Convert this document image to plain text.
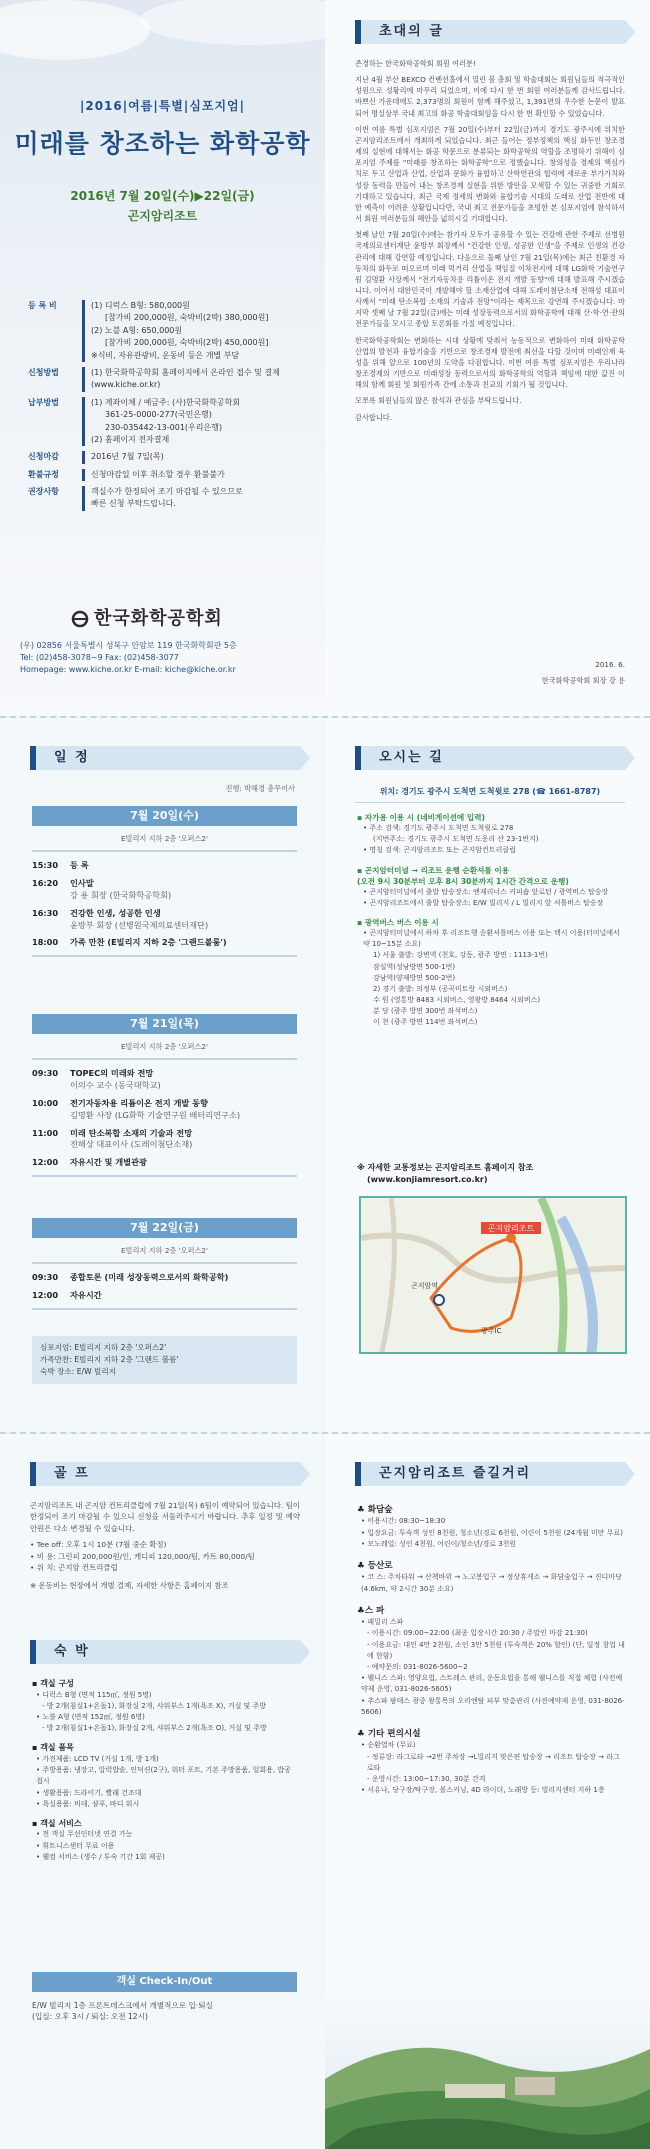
|2016|여름|특별|심포지엄|
미래를 창조하는 화학공학
2016년 7월 20일(수)▶22일(금)
곤지암리조트
등 록 비	(1) 디럭스 B형: 580,000원
[참가비 200,000원, 숙박비(2박) 380,000원]
(2) 노블 A형: 650,000원
[참가비 200,000원, 숙박비(2박) 450,000원]
※식비, 자유관광비, 운동비 등은 개별 부담
신청방법	(1) 한국화학공학회 홈페이지에서 온라인 접수 및 결제
(www.kiche.or.kr)
납부방법	(1) 계좌이체 / 예금주: (사)한국화학공학회
361-25-0000-277(국민은행)
230-035442-13-001(우리은행)
(2) 홈페이지 전자결제
신청마감	2016년 7월 7일(목)
환불규정	신청마감일 이후 취소할 경우 환불불가
권장사항	객실수가 한정되어 조기 마감될 수 있으므로
빠른 신청 부탁드립니다.
한국화학공학회
(우) 02856 서울특별시 성북구 안암로 119 한국화학회관 5층
Tel: (02)458-3078~9 Fax: (02)458-3077
Homepage: www.kiche.or.kr E-mail: kiche@kiche.or.kr
초대의 글

존경하는 한국화학공학회 회원 여러분!

지난 4월 부산 BEXCO 컨벤션홀에서 열린 봄 총회 및 학술대회는 회원님들의 적극적인 성원으로 성황리에 마무리 되었으며, 이에 다시 한 번 회원 여러분들께 감사드립니다. 바쁘신 가운데에도 2,373명의 회원이 함께 해주셨고, 1,391편의 우수한 논문이 발표되어 명실상부 국내 최고의 화공 학술대회임을 다시 한 번 확인할 수 있었습니다.

이번 여름 특별 심포지엄은 7월 20일(수)부터 22일(금)까지 경기도 광주시에 위치한 곤지암리조트에서 개최하게 되었습니다. 최근 들어는 정부정책의 핵심 화두인 창조경제의 실현에 대해서는 화공 학문으로 분류되는 화학공학의 역할을 조명하기 위해이 심포지엄 주제를 "미래를 창조하는 화학공학"으로 정했습니다. 창의성을 경제의 핵심가치로 두고 산업과 산업, 산업과 문화가 융합하고 산학연관의 협력에 새로운 부가가치와 성장 동력을 만들어 내는 창조경제 실현을 위한 방안을 모색할 수 있는 귀중한 기회로 기대하고 있습니다. 최근 국제 정세의 변화와 융합기술 시대의 도래로 산업 전반에 대한 예측이 어려운 상황입니다만, 국내 최고 전문가들을 초빙한 본 심포지엄에 참석하셔서 회원 여러분들의 혜안을 넓히시길 기대합니다.

첫째 날인 7월 20일(수)에는 참가자 모두가 공유할 수 있는 건강에 관한 주제로 선병원국제의료센터재단 윤방부 회장께서 "건강한 인생, 성공한 인생"을 주제로 인생의 건강 관리에 대해 강연할 예정입니다. 다음으로 둘째 날인 7월 21일(목)에는 최근 친환경 자동차의 화두로 떠오르며 미래 먹거리 산업을 책임질 이차전지에 대해 LG화학 기술연구원 김명환 사장께서 "전기자동차용 리튬이온 전지 개발 동향"에 대해 발표해 주시겠습니다. 이어서 대한민국이 개발해야 할 소재산업에 대해 도레이첨단소재 전해성 대표이사께서 "미래 탄소복합 소재의 기술과 전망"이라는 제목으로 강연해 주시겠습니다. 마지막 셋째 날 7월 22일(금)에는 미래 성장동력으로서의 화학공학에 대해 산·학·연·관의 전문가들을 모시고 종합 토론회를 가질 예정입니다.

한국화학공학회는 변화하는 시대 상황에 맞춰서 능동적으로 변화하여 미래 화학공학 산업의 발전과 융합기술을 기반으로 창조경제 발전에 최선을 다할 것이며 미래인재 육성을 위해 앞으로 100년의 도약을 다짐합니다. 이번 여름 특별 심포지엄은 우리나라 창조경제의 기반으로 미래성장 동력으로서의 화학공학의 역할과 책임에 대한 값진 이해의 함께 회원 및 회원가족 간에 소통과 친교의 기회가 될 것입니다.

모쪼록 회원님들의 많은 참석과 관심을 부탁드립니다.

감사합니다.

2016. 6.
한국화학공학회 회장 강 용
일 정
진행: 박해경 총무이사
7월 20일(수)
E빌리지 지하 2층 '오퍼스2'
15:30	등 록
16:20	인사말
강 용 회장 (한국화학공학회)
16:30	건강한 인생, 성공한 인생
윤방부 회장 (선병원국제의료센터재단)
18:00	가족 만찬 (E빌리지 지하 2층 '그랜드볼룸')
7월 21일(목)
E빌리지 지하 2층 '오퍼스2'
09:30	TOPEC의 미래와 전망
이의수 교수 (동국대학교)
10:00	전기자동차용 리튬이온 전지 개발 동향
김명환 사장 (LG화학 기술연구원 배터리연구소)
11:00	미래 탄소복합 소재의 기술과 전망
전해상 대표이사 (도레이첨단소재)
12:00	자유시간 및 개별관광
7월 22일(금)
E빌리지 지하 2층 '오퍼스2'
09:30	종합토론 (미래 성장동력으로서의 화학공학)
12:00	자유시간
심포지엄: E빌리지 지하 2층 '오퍼스2'
가족만찬: E빌리지 지하 2층 '그랜드 볼룸'
숙박 장소: E/W 빌리지
오시는 길
위치: 경기도 광주시 도척면 도척윗로 278 (☎ 1661-8787)
▪ 자가용 이용 시 (네비게이션에 입력)
• 주소 검색: 경기도 광주시 도척면 도척윗로 278
(지번주소: 경기도 광주시 도척면 도웅리 산 23-1번지)
• 명칭 검색: 곤지암리조트 또는 곤지암컨트리클럽
▪ 곤지암터미널 → 리조트 운행 순환셔틀 이용
(오전 9시 30분부터 오후 8시 30분까지 1시간 간격으로 운행)
• 곤지암터미널에서 출발 탑승장소: 엔제리너스 커피숍 앞로턴 / 광역버스 탑승장
• 곤지암리조트에서 출발 탑승장소: E/W 빌리지 / L 빌리지 앞 셔틀버스 탑승장
▪ 광역버스 버스 이용 시
• 곤지암터미널에서 하차 후 리조트행 순환셔틀버스 이용 또는 택시 이용(터미널에서 약 10~15분 소요)
1) 서울 출발: 강변역 (천호, 강동, 광주 방면 : 1113-1번)
잠실역(성남방면 500-1번)
강남역(양재방면 500-2번)
2) 경기 출발: 의정부 (공곡미트랑 시외버스)
수 원 (영통방 8483 시외버스, 영왕방 8464 시외버스)
분 당 (광주 방면 300번 좌석버스)
이 천 (광주 방면 114번 좌석버스)
※ 자세한 교통정보는 곤지암리조트 홈페이지 참조
(www.konjiamresort.co.kr)
곤지암리조트
곤지암역
광주IC
골 프

곤지암리조트 내 곤지암 컨트리클럽에 7월 21일(목) 6팀이 예약되어 있습니다. 팀이 한정되어 조기 마감될 수 있으니 신청을 서둘러주시기 바랍니다. 추후 일정 및 예약 안원은 다소 변경될 수 있습니다.

• Tee off: 오후 1시 10분 (7월 중순 확정)
• 비 용: 그린피 200,000원/인, 캐디피 120,000/팀, 카트 80,000/팀
• 위 치: 곤지암 컨트리클럽
※ 운동비는 현장에서 개별 결제, 자세한 사항은 홈페이지 참조
숙 박
▪ 객실 구성
• 디럭스 B형 (면적 115㎡, 정원 5명)
- 방 2개(침실1+온돌1), 화장실 2개, 샤워부스 1개(욕조 X), 거실 및 주방
• 노블 A형 (면적 152㎡, 정원 6명)
- 방 2개(침실1+온돌1), 화장실 2개, 샤워부스 2개(욕조 O), 거실 및 주방
▪ 객실 품목
• 가전제품: LCD TV (거실 1개, 방 1개)
• 주방용품: 냉장고, 압력밥솥, 인덕션(2구), 워터 포트, 기본 주방용품, 일회용, 밥공 접시
• 생활용품: 드라이기, 빨래 건조대
• 욕실용품: 비데, 샴푸, 바디 워시
▪ 객실 서비스
• 전 객실 무선인터넷 연결 가능
• 휘트니스센터 무료 이용
• 웰컴 서비스 (생수 / 투숙 기간 1회 제공)
객실 Check-In/Out
E/W 빌리지 1층 프론트데스크에서 개별적으로 입·퇴실
(입실: 오후 3시 / 퇴실: 오전 12시)
곤지암리조트 즐길거리
♣ 화담숲
• 이용시간: 08:30~18:30
• 입장요금: 투숙객 성인 8천원, 청소년(경로 6천원, 어린이 5천원 (24개월 미만 무료)
• 모노레일: 성인 4천원, 어린이/청소년/경로 3천원
♣ 등산로
• 코 스: 주차타워 → 산책바위 → 노고봉입구 → 정상휴게소 → 화담숲입구 → 진디마당 (4.6km, 약 2시간 30분 소요)
♣스 파
• 패밀리 스파
- 이용시간: 09:00~22:00 (최종 입장시간 20:30 / 주말인 마감 21:30)
- 이용요금: 대인 4만 2천원, 소인 3만 5천원 (투숙객은 20% 할인) (단, 일정 창업 내에 한함)
- 예약문의: 031-8026-5600~2
• 웰니스 스파: 영양요법, 스트레스 관리, 운동요법을 통해 웰니스를 직접 체험 (사전예약제 운영, 031-8026-5605)
• 추스파 팜테스 광중 왕통목의 오리엔탈 피부 맞춤관리 (사전예약제 운영, 031-8026-5606)
♣ 기타 편의시설
• 순환열차 (무료)
- 정류장: 라그로타 →2번 주차장 →L빌리지 맞은편 탑승장 → 리조트 탑승장 → 라그로타
- 운영시간: 13:00~17:30, 30분 간격
• 서유나, 당구장/탁구장, 볼스커닝, 4D 라이더, 노래방 등: 빌리지센터 지하 1층
